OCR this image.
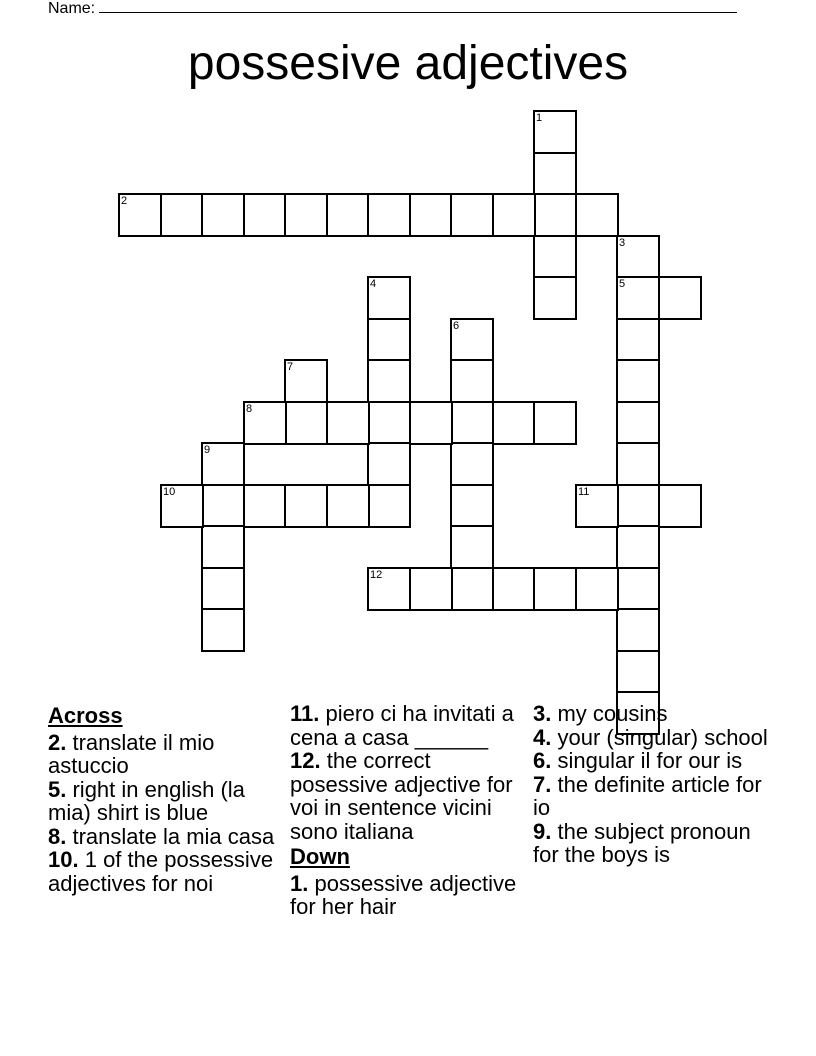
Name:
possesive adjectives
1
2
3
5
4
6
7
8
9
10	11
12
Across
2. translate il mio astuccio
5. right in english (la mia) shirt is blue
8. translate la mia casa
10. 1 of the possessive adjectives for noi
11. piero ci ha invitati a cena a casa ______
12. the correct posessive adjective for voi in sentence vicini sono italiana
Down
1. possessive adjective for her hair
3. my cousins
4. your (singular) school
6. singular il for our is
7. the definite article for io
9. the subject pronoun for the boys is
